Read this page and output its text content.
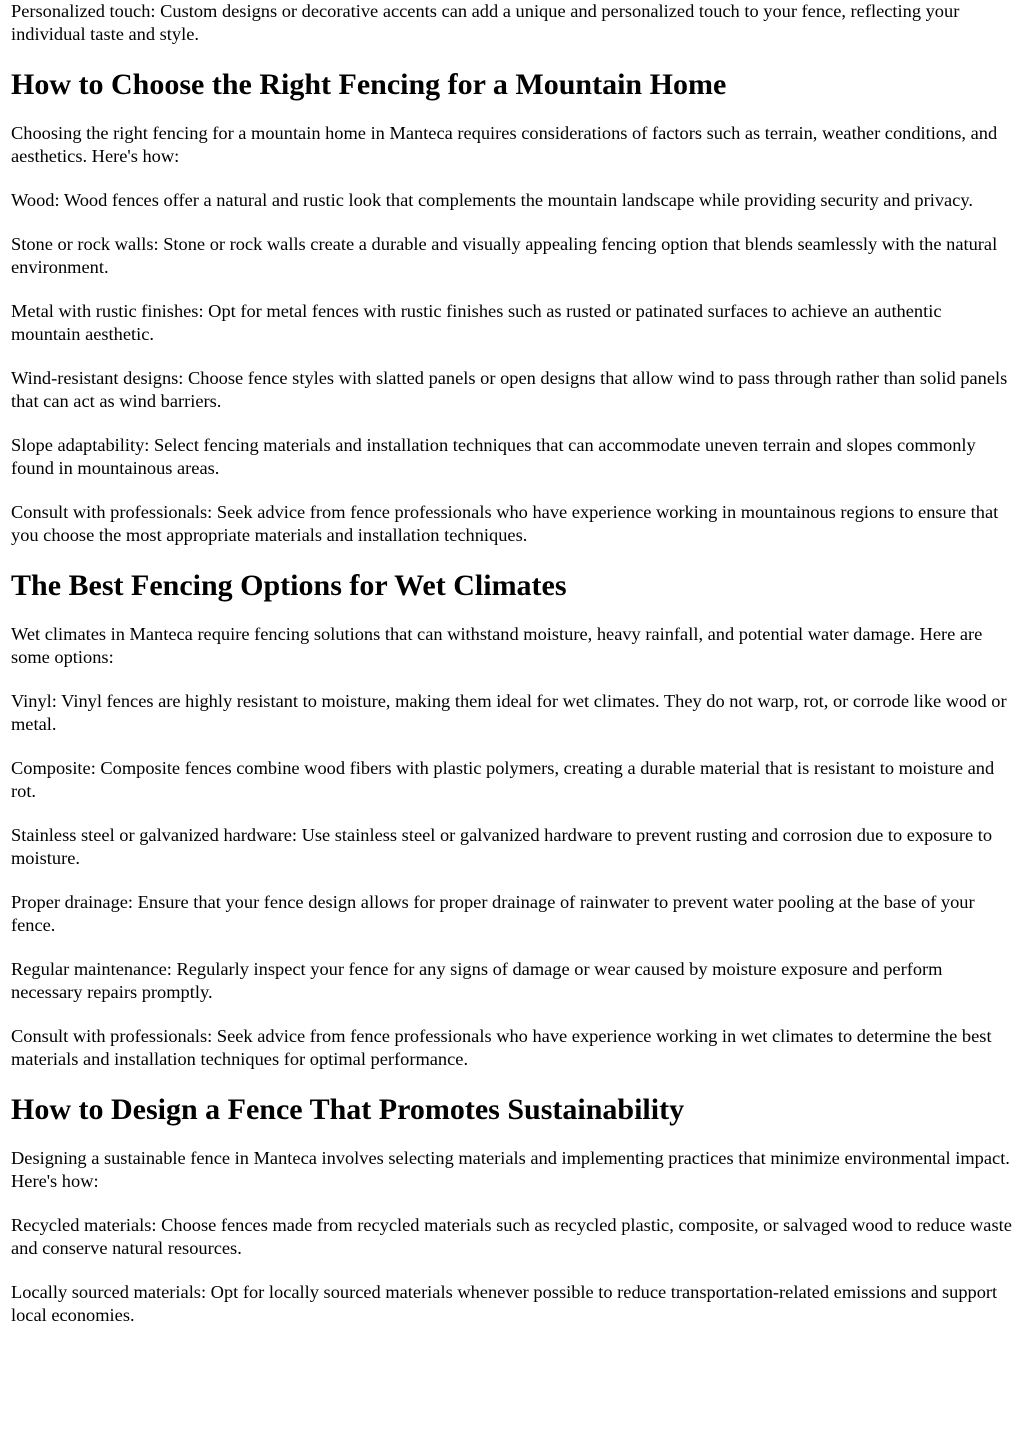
Personalized touch: Custom designs or decorative accents can add a unique and personalized touch to your fence, reflecting your individual taste and style.

How to Choose the Right Fencing for a Mountain Home

Choosing the right fencing for a mountain home in Manteca requires considerations of factors such as terrain, weather conditions, and aesthetics. Here's how:

Wood: Wood fences offer a natural and rustic look that complements the mountain landscape while providing security and privacy.

Stone or rock walls: Stone or rock walls create a durable and visually appealing fencing option that blends seamlessly with the natural environment.

Metal with rustic finishes: Opt for metal fences with rustic finishes such as rusted or patinated surfaces to achieve an authentic mountain aesthetic.

Wind-resistant designs: Choose fence styles with slatted panels or open designs that allow wind to pass through rather than solid panels that can act as wind barriers.

Slope adaptability: Select fencing materials and installation techniques that can accommodate uneven terrain and slopes commonly found in mountainous areas.

Consult with professionals: Seek advice from fence professionals who have experience working in mountainous regions to ensure that you choose the most appropriate materials and installation techniques.

The Best Fencing Options for Wet Climates

Wet climates in Manteca require fencing solutions that can withstand moisture, heavy rainfall, and potential water damage. Here are some options:

Vinyl: Vinyl fences are highly resistant to moisture, making them ideal for wet climates. They do not warp, rot, or corrode like wood or metal.

Composite: Composite fences combine wood fibers with plastic polymers, creating a durable material that is resistant to moisture and rot.

Stainless steel or galvanized hardware: Use stainless steel or galvanized hardware to prevent rusting and corrosion due to exposure to moisture.

Proper drainage: Ensure that your fence design allows for proper drainage of rainwater to prevent water pooling at the base of your fence.

Regular maintenance: Regularly inspect your fence for any signs of damage or wear caused by moisture exposure and perform necessary repairs promptly.

Consult with professionals: Seek advice from fence professionals who have experience working in wet climates to determine the best materials and installation techniques for optimal performance.

How to Design a Fence That Promotes Sustainability

Designing a sustainable fence in Manteca involves selecting materials and implementing practices that minimize environmental impact. Here's how:

Recycled materials: Choose fences made from recycled materials such as recycled plastic, composite, or salvaged wood to reduce waste and conserve natural resources.

Locally sourced materials: Opt for locally sourced materials whenever possible to reduce transportation-related emissions and support local economies.
